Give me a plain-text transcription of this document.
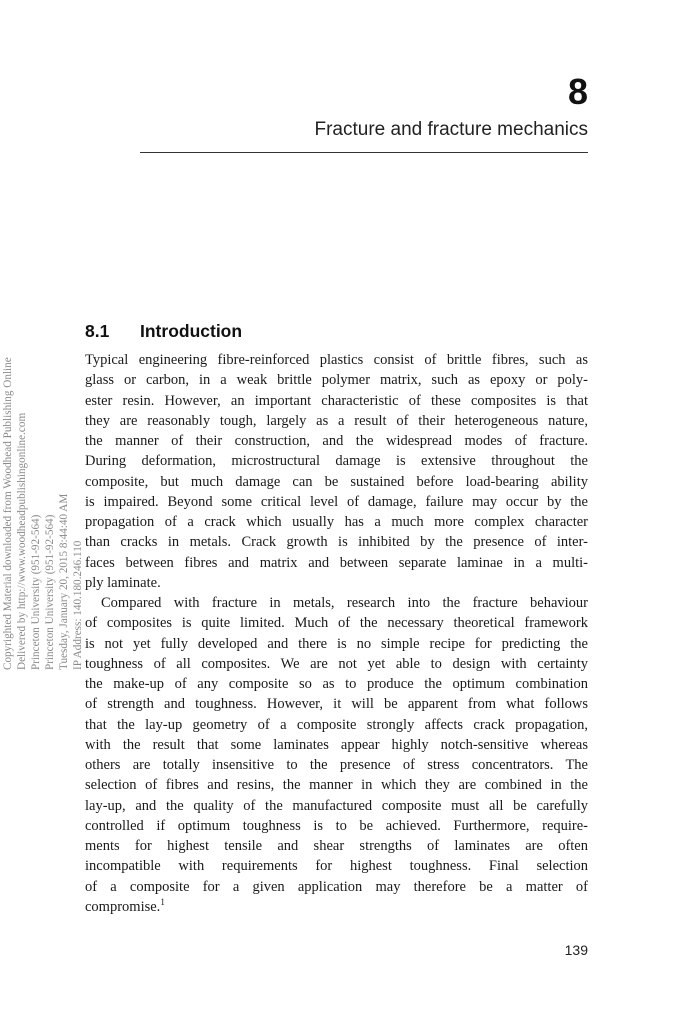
8
Fracture and fracture mechanics
Copyrighted Material downloaded from Woodhead Publishing Online Delivered by http://www.woodheadpublishingonline.com Princeton University (951-92-564) Princeton University (951-92-564) Tuesday, January 20, 2015 8:44:40 AM IP Address: 140.180.246.110
8.1 Introduction
Typical engineering fibre-reinforced plastics consist of brittle fibres, such as
glass or carbon, in a weak brittle polymer matrix, such as epoxy or poly-
ester resin. However, an important characteristic of these composites is that
they are reasonably tough, largely as a result of their heterogeneous nature,
the manner of their construction, and the widespread modes of fracture.
During deformation, microstructural damage is extensive throughout the
composite, but much damage can be sustained before load-bearing ability
is impaired. Beyond some critical level of damage, failure may occur by the
propagation of a crack which usually has a much more complex character
than cracks in metals. Crack growth is inhibited by the presence of inter-
faces between fibres and matrix and between separate laminae in a multi-
ply laminate.
Compared with fracture in metals, research into the fracture behaviour
of composites is quite limited. Much of the necessary theoretical framework
is not yet fully developed and there is no simple recipe for predicting the
toughness of all composites. We are not yet able to design with certainty
the make-up of any composite so as to produce the optimum combination
of strength and toughness. However, it will be apparent from what follows
that the lay-up geometry of a composite strongly affects crack propagation,
with the result that some laminates appear highly notch-sensitive whereas
others are totally insensitive to the presence of stress concentrators. The
selection of fibres and resins, the manner in which they are combined in the
lay-up, and the quality of the manufactured composite must all be carefully
controlled if optimum toughness is to be achieved. Furthermore, require-
ments for highest tensile and shear strengths of laminates are often
incompatible with requirements for highest toughness. Final selection
of a composite for a given application may therefore be a matter of
compromise.$^1$
139
